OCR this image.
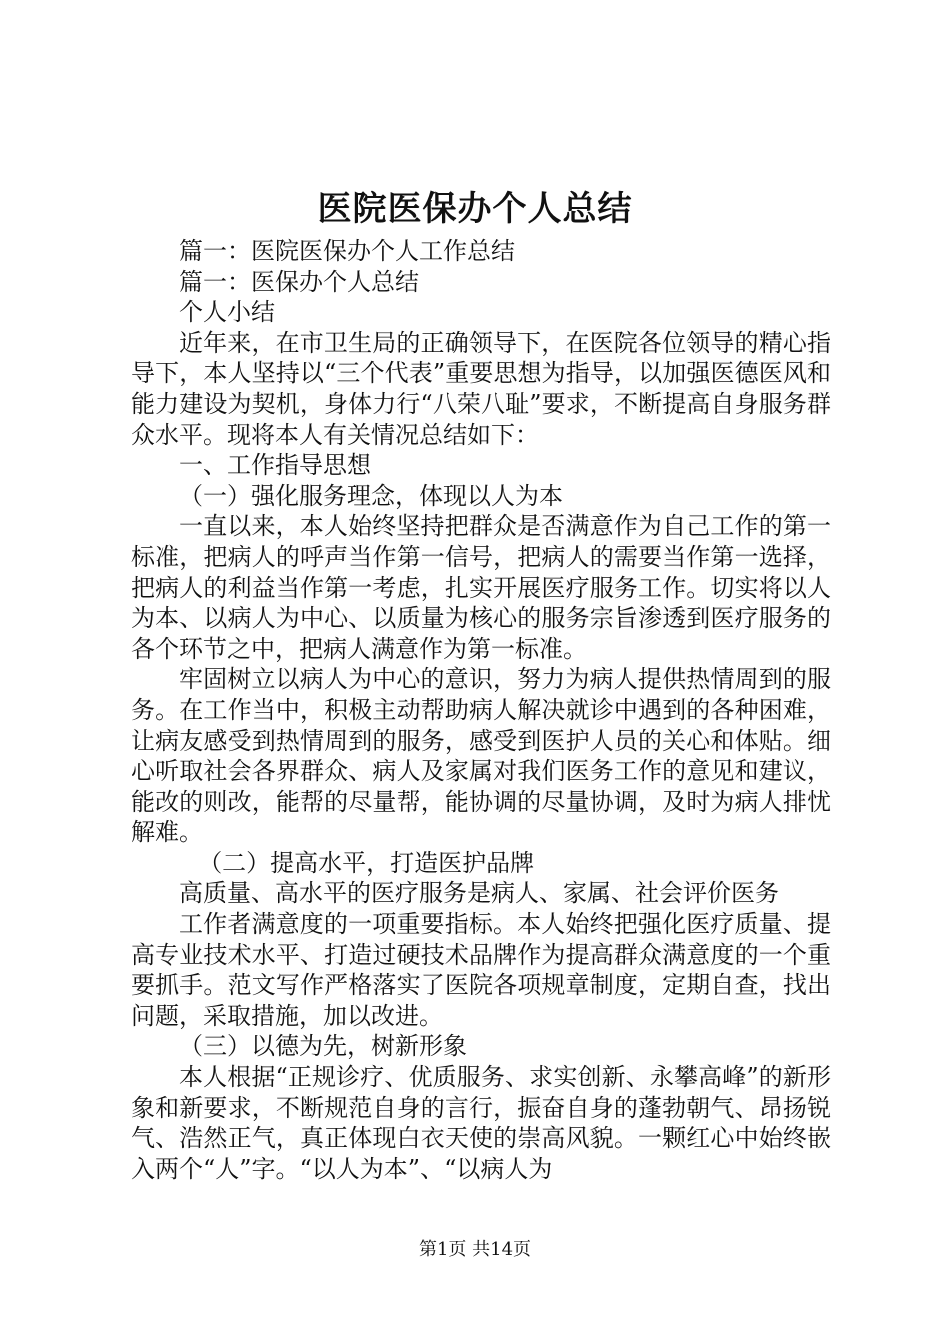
医院医保办个人总结

篇一：医院医保办个人工作总结

篇一：医保办个人总结

个人小结

近年来，在市卫生局的正确领导下，在医院各位领导的精心指导下，本人坚持以“三个代表”重要思想为指导，以加强医德医风和能力建设为契机，身体力行“八荣八耻”要求，不断提高自身服务群众水平。现将本人有关情况总结如下：

一、工作指导思想

（一）强化服务理念，体现以人为本

一直以来，本人始终坚持把群众是否满意作为自己工作的第一标准，把病人的呼声当作第一信号，把病人的需要当作第一选择，把病人的利益当作第一考虑，扎实开展医疗服务工作。切实将以人为本、以病人为中心、以质量为核心的服务宗旨渗透到医疗服务的各个环节之中，把病人满意作为第一标准。

牢固树立以病人为中心的意识，努力为病人提供热情周到的服务。在工作当中，积极主动帮助病人解决就诊中遇到的各种困难，让病友感受到热情周到的服务，感受到医护人员的关心和体贴。细心听取社会各界群众、病人及家属对我们医务工作的意见和建议，能改的则改，能帮的尽量帮，能协调的尽量协调，及时为病人排忧解难。

（二）提高水平，打造医护品牌

高质量、高水平的医疗服务是病人、家属、社会评价医务

工作者满意度的一项重要指标。本人始终把强化医疗质量、提高专业技术水平、打造过硬技术品牌作为提高群众满意度的一个重要抓手。范文写作严格落实了医院各项规章制度，定期自查，找出问题，采取措施，加以改进。

（三）以德为先，树新形象

本人根据“正规诊疗、优质服务、求实创新、永攀高峰”的新形象和新要求，不断规范自身的言行，振奋自身的蓬勃朝气、昂扬锐气、浩然正气，真正体现白衣天使的崇高风貌。一颗红心中始终嵌入两个“人”字。“以人为本”、“以病人为

第1页 共14页
